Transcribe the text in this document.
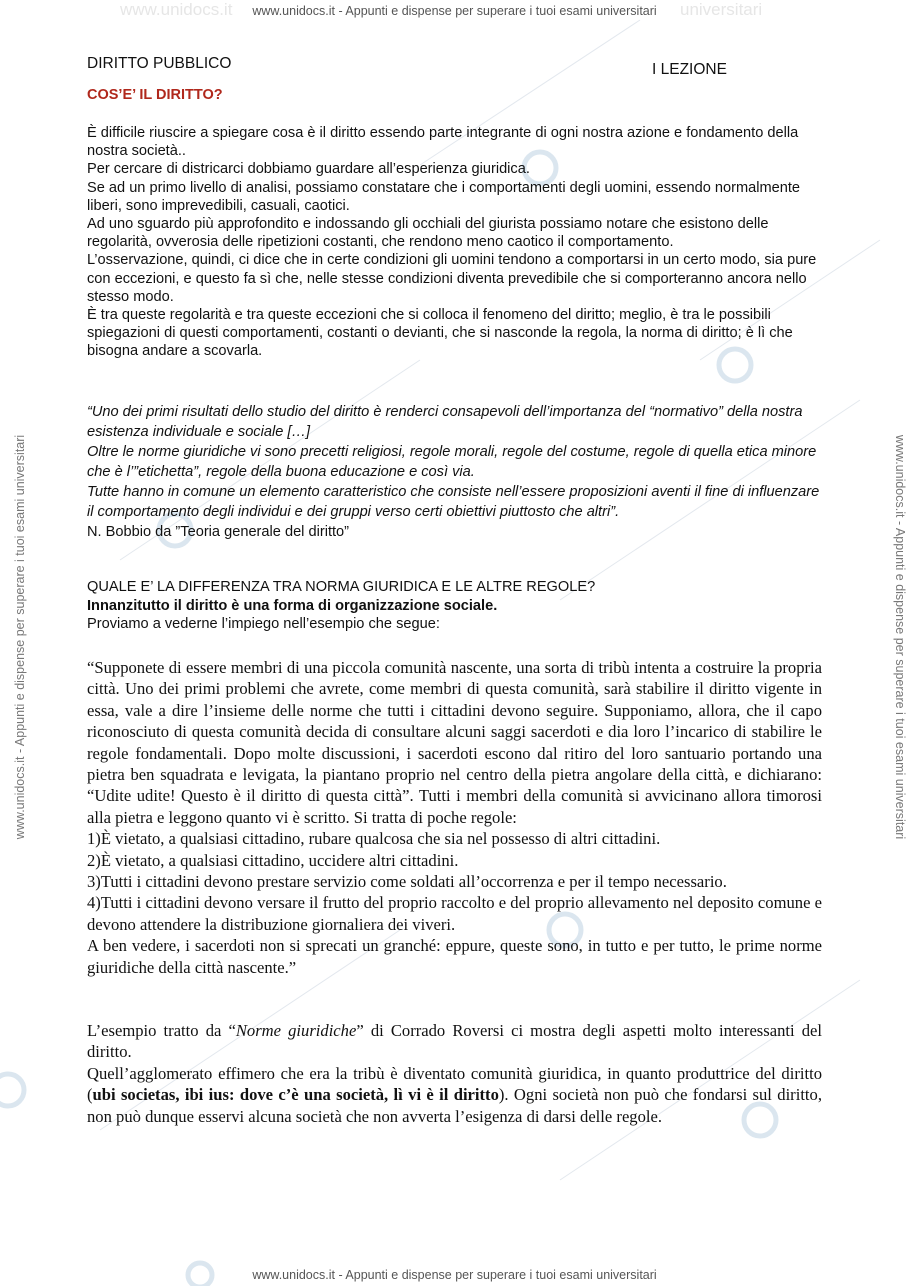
www.unidocs.it	universitari
www.unidocs.it - Appunti e dispense per superare i tuoi esami universitari
www.unidocs.it - Appunti e dispense per superare i tuoi esami universitari
www.unidocs.it - Appunti e dispense per superare i tuoi esami universitari	www.unidocs.it - Appunti e dispense per superare i tuoi esami universitari
DIRITTO PUBBLICO	I LEZIONE
COS’E’ IL DIRITTO?

È difficile riuscire a spiegare cosa è il diritto essendo parte integrante di ogni nostra azione e fondamento della nostra società..

Per cercare di districarci dobbiamo guardare all’esperienza giuridica.

Se ad un primo livello di analisi, possiamo constatare che i comportamenti degli uomini, essendo normalmente liberi, sono imprevedibili, casuali, caotici.

Ad uno sguardo più approfondito e indossando gli occhiali del giurista possiamo notare che esistono delle regolarità, ovverosia delle ripetizioni costanti, che rendono meno caotico il comportamento.

L’osservazione, quindi, ci dice che in certe condizioni gli uomini tendono a comportarsi in un certo modo, sia pure con eccezioni, e questo fa sì che, nelle stesse condizioni diventa prevedibile che si comporteranno ancora nello stesso modo.

È tra queste regolarità e tra queste eccezioni che si colloca il fenomeno del diritto; meglio, è tra le possibili spiegazioni di questi comportamenti, costanti o devianti, che si nasconde la regola, la norma di diritto; è lì che bisogna andare a scovarla.

“Uno dei primi risultati dello studio del diritto è renderci consapevoli dell’importanza del “normativo” della nostra esistenza individuale e sociale […]

Oltre le norme giuridiche vi sono precetti religiosi, regole morali, regole del costume, regole di quella etica minore che è l’”etichetta”, regole della buona educazione e così via.

Tutte hanno in comune un elemento caratteristico che consiste nell’essere proposizioni aventi il fine di influenzare il comportamento degli individui e dei gruppi verso certi obiettivi piuttosto che altri”.

N. Bobbio da ”Teoria generale del diritto”

QUALE E’ LA DIFFERENZA TRA NORMA GIURIDICA E LE ALTRE REGOLE?

Innanzitutto il diritto è una forma di organizzazione sociale.

Proviamo a vederne l’impiego nell’esempio che segue:

“Supponete di essere membri di una piccola comunità nascente, una sorta di tribù intenta a costruire la propria città. Uno dei primi problemi che avrete, come membri di questa comunità, sarà stabilire il diritto vigente in essa, vale a dire l’insieme delle norme che tutti i cittadini devono seguire. Supponiamo, allora, che il capo riconosciuto di questa comunità decida di consultare alcuni saggi sacerdoti e dia loro l’incarico di stabilire le regole fondamentali. Dopo molte discussioni, i sacerdoti escono dal ritiro del loro santuario portando una pietra ben squadrata e levigata, la piantano proprio nel centro della pietra angolare della città, e dichiarano: “Udite udite! Questo è il diritto di questa città”. Tutti i membri della comunità si avvicinano allora timorosi alla pietra e leggono quanto vi è scritto. Si tratta di poche regole:

1)È vietato, a qualsiasi cittadino, rubare qualcosa che sia nel possesso di altri cittadini.

2)È vietato, a qualsiasi cittadino, uccidere altri cittadini.

3)Tutti i cittadini devono prestare servizio come soldati all’occorrenza e per il tempo necessario.

4)Tutti i cittadini devono versare il frutto del proprio raccolto e del proprio allevamento nel deposito comune e devono attendere la distribuzione giornaliera dei viveri.

A ben vedere, i sacerdoti non si sprecati un granché: eppure, queste sono, in tutto e per tutto, le prime norme giuridiche della città nascente.”

L’esempio tratto da “Norme giuridiche” di Corrado Roversi ci mostra degli aspetti molto interessanti del diritto.

Quell’agglomerato effimero che era la tribù è diventato comunità giuridica, in quanto produttrice del diritto (ubi societas, ibi ius: dove c’è una società, lì vi è il diritto). Ogni società non può che fondarsi sul diritto, non può dunque esservi alcuna società che non avverta l’esigenza di darsi delle regole.
